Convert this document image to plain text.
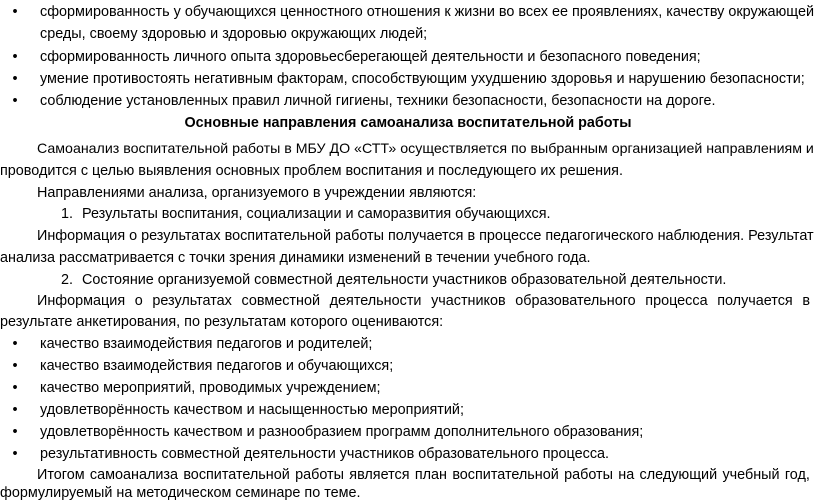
• сформированность у обучающихся ценностного отношения к жизни во всех ее проявлениях, качеству окружающей
среды, своему здоровью и здоровью окружающих людей;
• сформированность личного опыта здоровьесберегающей деятельности и безопасного поведения;
• умение противостоять негативным факторам, способствующим ухудшению здоровья и нарушению безопасности;
• соблюдение установленных правил личной гигиены, техники безопасности, безопасности на дороге.
Основные направления самоанализа воспитательной работы
Самоанализ воспитательной работы в МБУ ДО «СТТ» осуществляется по выбранным организацией направлениям и
проводится с целью выявления основных проблем воспитания и последующего их решения.
Направлениями анализа, организуемого в учреждении являются:
1. Результаты воспитания, социализации и саморазвития обучающихся.
Информация о результатах воспитательной работы получается в процессе педагогического наблюдения. Результат
анализа рассматривается с точки зрения динамики изменений в течении учебного года.
2. Состояние организуемой совместной деятельности участников образовательной деятельности.
Информация о результатах совместной деятельности участников образовательного процесса получается в
результате анкетирования, по результатам которого оцениваются:
• качество взаимодействия педагогов и родителей;
• качество взаимодействия педагогов и обучающихся;
• качество мероприятий, проводимых учреждением;
• удовлетворённость качеством и насыщенностью мероприятий;
• удовлетворённость качеством и разнообразием программ дополнительного образования;
• результативность совместной деятельности участников образовательного процесса.
Итогом самоанализа воспитательной работы является план воспитательной работы на следующий учебный год,
формулируемый на методическом семинаре по теме.
